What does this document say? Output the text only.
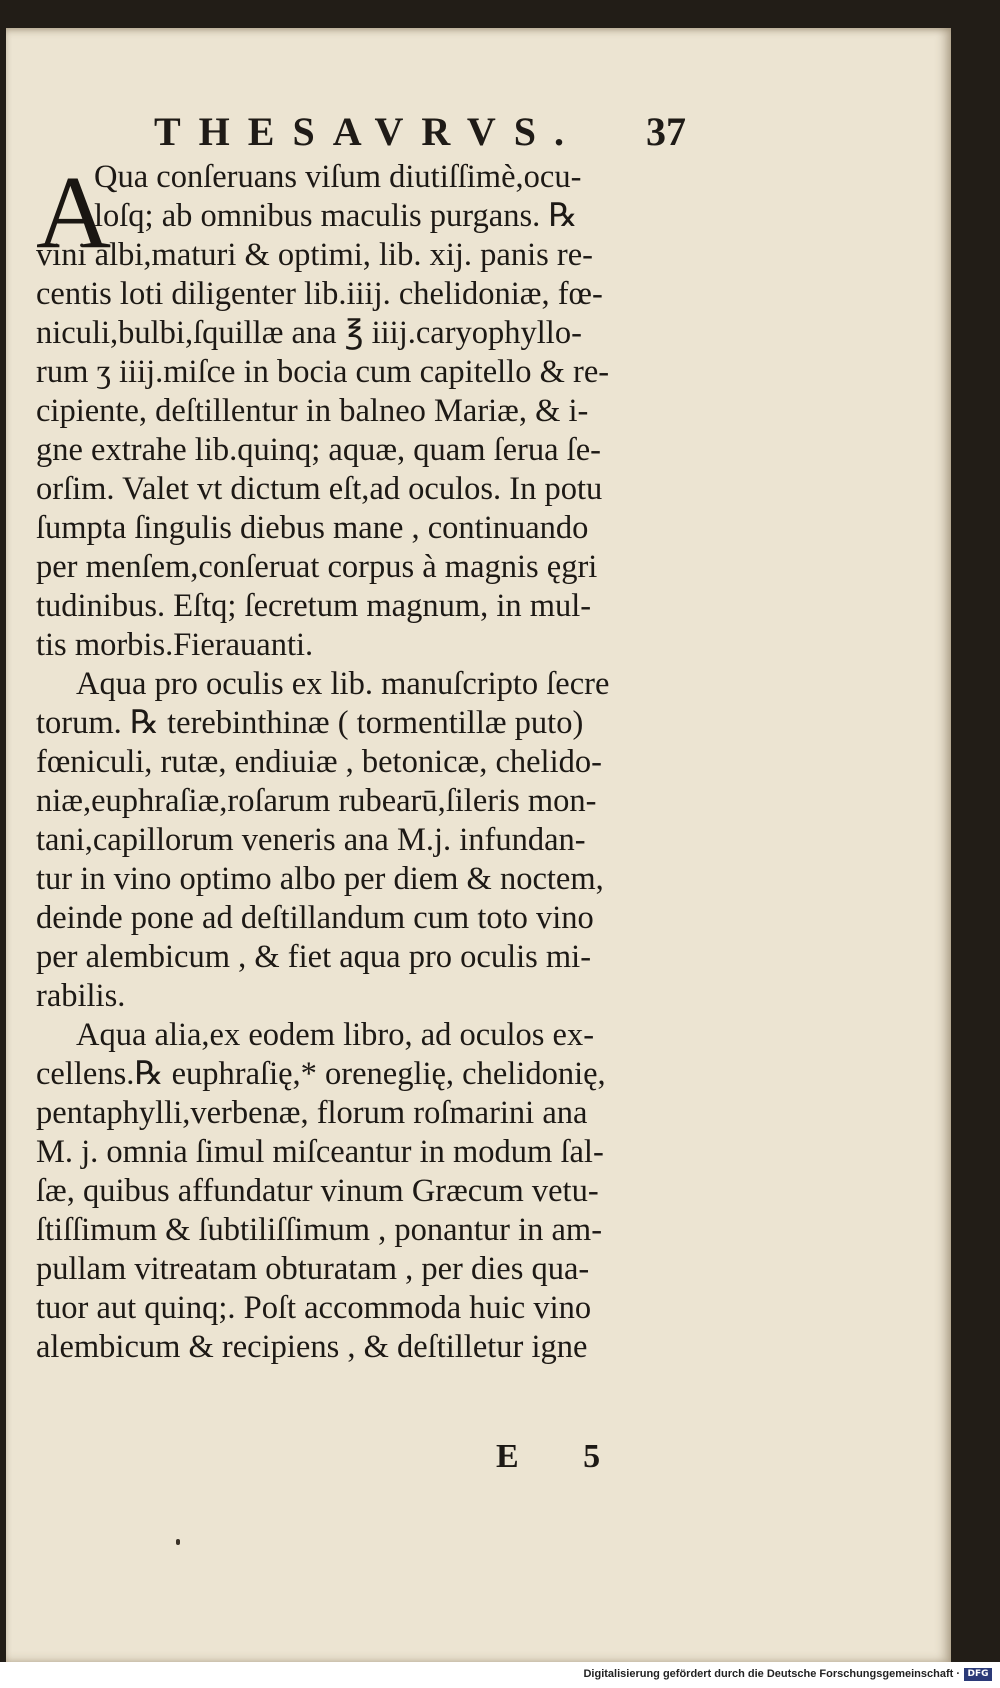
THESAVRVS. 37
A
Qua conſeruans viſum diutiſſimè,ocu-
loſq; ab omnibus maculis purgans. ℞
vini albi,maturi & optimi, lib. xij. panis re-
centis loti diligenter lib.iiij. chelidoniæ, fœ-
niculi,bulbi,ſquillæ ana ℥ iiij.caryophyllo-
rum ʒ iiij.miſce in bocia cum capitello & re-
cipiente, deſtillentur in balneo Mariæ, & i-
gne extrahe lib.quinq; aquæ, quam ſerua ſe-
orſim. Valet vt dictum eſt,ad oculos. In potu
ſumpta ſingulis diebus mane , continuando
per menſem,conſeruat corpus à magnis ęgri
tudinibus. Eſtq; ſecretum magnum, in mul-
tis morbis.Fierauanti.
Aqua pro oculis ex lib. manuſcripto ſecre
torum. ℞ terebinthinæ ( tormentillæ puto)
fœniculi, rutæ, endiuiæ , betonicæ, chelido-
niæ,euphraſiæ,roſarum rubearū,ſileris mon-
tani,capillorum veneris ana M.j. infundan-
tur in vino optimo albo per diem & noctem,
deinde pone ad deſtillandum cum toto vino
per alembicum , & fiet aqua pro oculis mi-
rabilis.
Aqua alia,ex eodem libro, ad oculos ex-
cellens.℞ euphraſię,* oreneglię, chelidonię,
pentaphylli,verbenæ, florum roſmarini ana
M. j. omnia ſimul miſceantur in modum ſal-
ſæ, quibus affundatur vinum Græcum vetu-
ſtiſſimum & ſubtiliſſimum , ponantur in am-
pullam vitreatam obturatam , per dies qua-
tuor aut quinq;. Poſt accommoda huic vino
alembicum & recipiens , & deſtilletur igne
E 5
Digitalisierung gefördert durch die Deutsche Forschungsgemeinschaft · DFG
